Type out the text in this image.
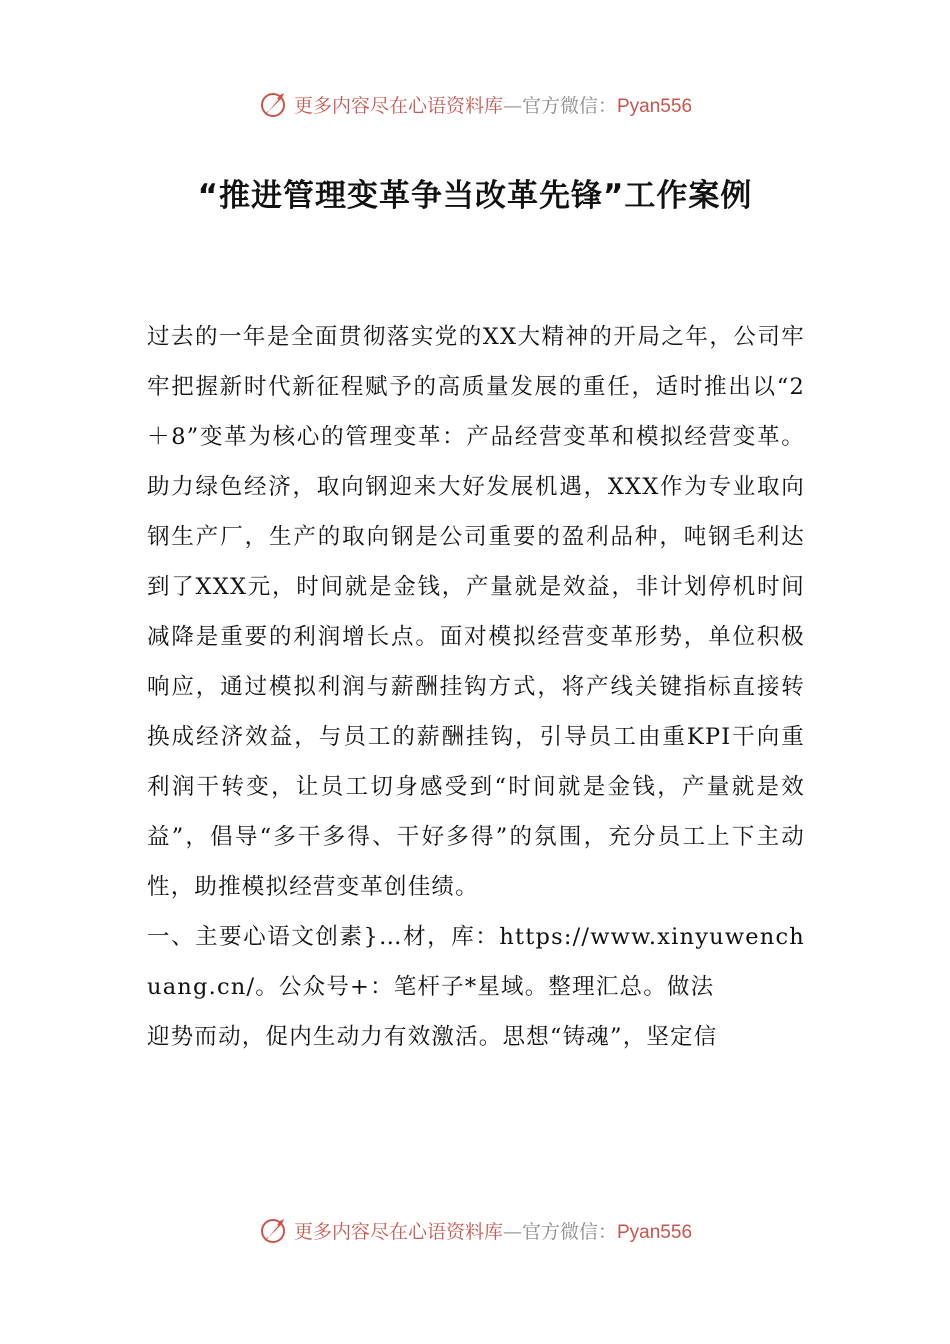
更多内容尽在心语资料库—官方微信：Pyan556
“推进管理变革争当改革先锋”工作案例

过去的一年是全面贯彻落实党的XX大精神的开局之年，公司牢牢把握新时代新征程赋予的高质量发展的重任，适时推出以“2＋8”变革为核心的管理变革：产品经营变革和模拟经营变革。助力绿色经济，取向钢迎来大好发展机遇，XXX作为专业取向钢生产厂，生产的取向钢是公司重要的盈利品种，吨钢毛利达到了XXX元，时间就是金钱，产量就是效益，非计划停机时间减降是重要的利润增长点。面对模拟经营变革形势，单位积极响应，通过模拟利润与薪酬挂钩方式，将产线关键指标直接转换成经济效益，与员工的薪酬挂钩，引导员工由重KPI干向重利润干转变，让员工切身感受到“时间就是金钱，产量就是效益”，倡导“多干多得、干好多得”的氛围，充分员工上下主动性，助推模拟经营变革创佳绩。

一、主要心语文创素}…材，库：https://www.xinyuwenchuang.cn/。公众号+：笔杆子*星域。整理汇总。做法

迎势而动，促内生动力有效激活。思想“铸魂”，坚定信

更多内容尽在心语资料库—官方微信：Pyan556
